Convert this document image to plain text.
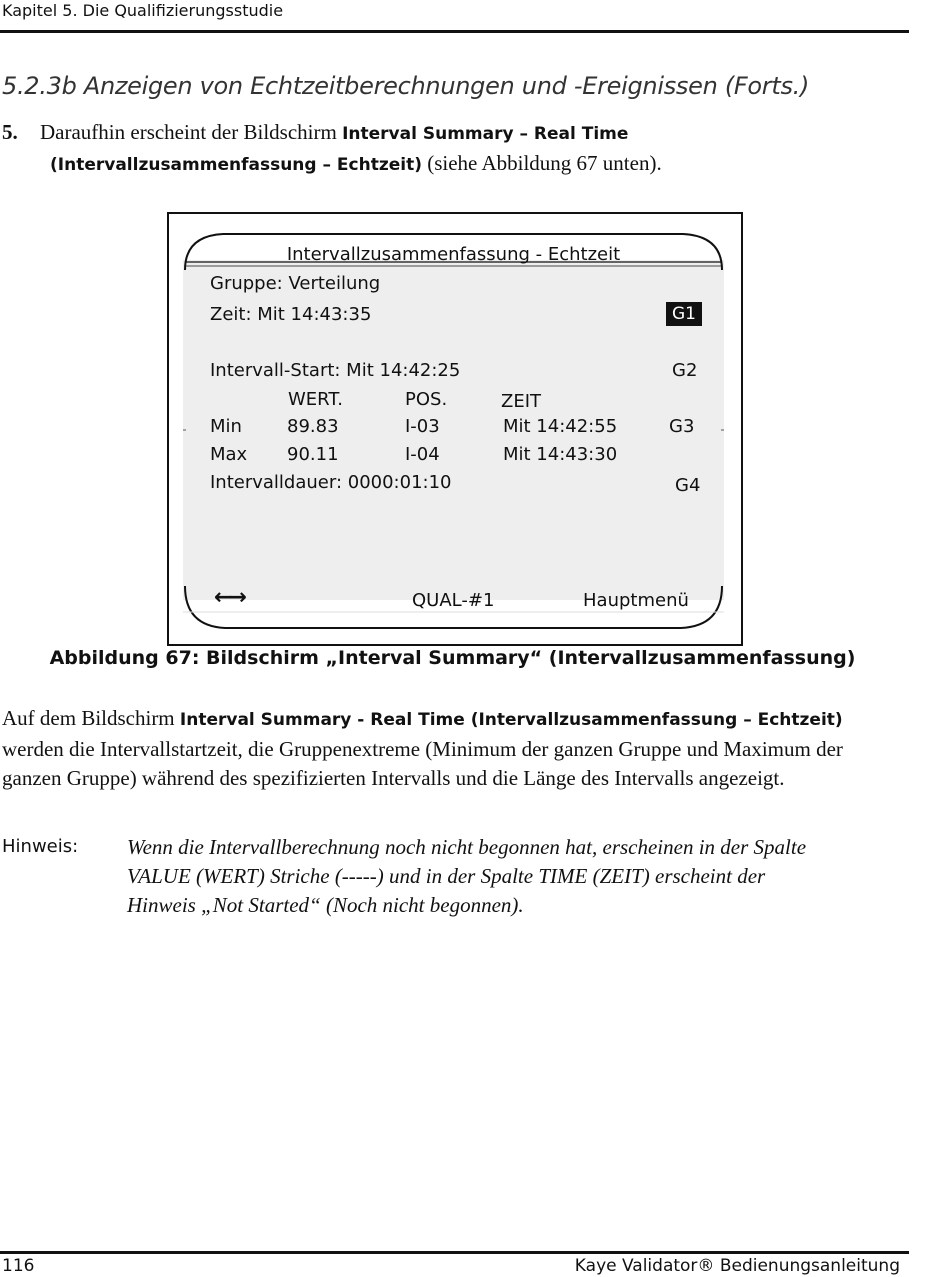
Kapitel 5. Die Qualifizierungsstudie
5.2.3b Anzeigen von Echtzeitberechnungen und -Ereignissen (Forts.)
5. Daraufhin erscheint der Bildschirm Interval Summary – Real Time
(Intervallzusammenfassung – Echtzeit) (siehe Abbildung 67 unten).
Intervallzusammenfassung - Echtzeit
Gruppe: Verteilung
Zeit: Mit 14:43:35	G1
Intervall-Start: Mit 14:42:25	G2
WERT.	POS.	ZEIT
Min	89.83	I-03	Mit 14:42:55	G3
Max 90.11	I-04	Mit 14:43:30
Intervalldauer: 0000:01:10	G4
←→	QUAL-#1	Hauptmenü
Abbildung 67: Bildschirm „Interval Summary“ (Intervallzusammenfassung)
Auf dem Bildschirm Interval Summary - Real Time (Intervallzusammenfassung – Echtzeit) werden die Intervallstartzeit, die Gruppenextreme (Minimum der ganzen Gruppe und Maximum der ganzen Gruppe) während des spezifizierten Intervalls und die Länge des Intervalls angezeigt.
Hinweis: Wenn die Intervallberechnung noch nicht begonnen hat, erscheinen in der Spalte
VALUE (WERT) Striche (-----) und in der Spalte TIME (ZEIT) erscheint der
Hinweis „Not Started“ (Noch nicht begonnen).
116	Kaye Validator® Bedienungsanleitung
